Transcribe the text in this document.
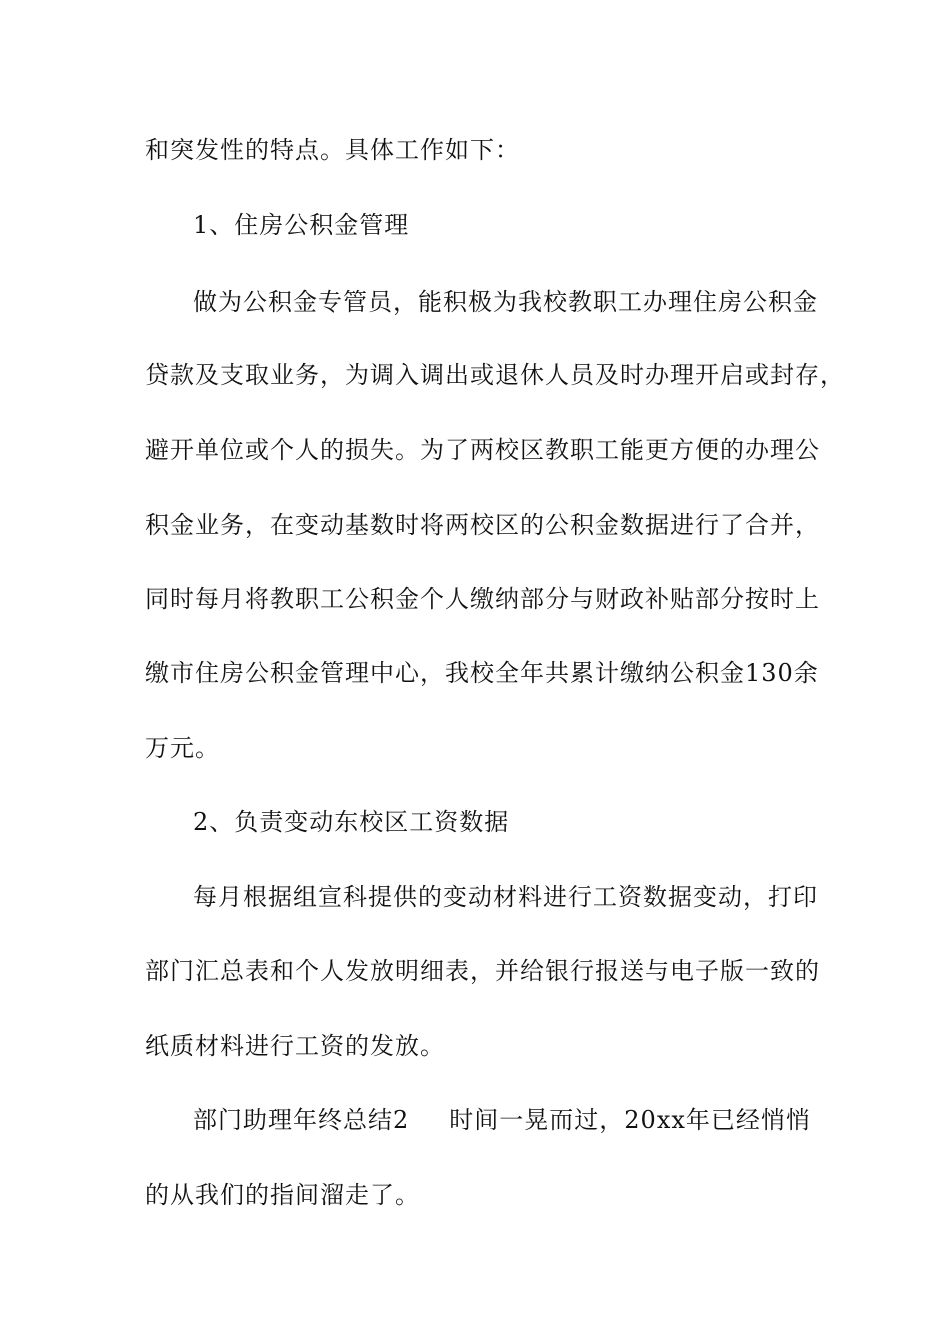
和突发性的特点。具体工作如下：
1、住房公积金管理
做为公积金专管员，能积极为我校教职工办理住房公积金
贷款及支取业务，为调入调出或退休人员及时办理开启或封存，
避开单位或个人的损失。为了两校区教职工能更方便的办理公
积金业务，在变动基数时将两校区的公积金数据进行了合并，
同时每月将教职工公积金个人缴纳部分与财政补贴部分按时上
缴市住房公积金管理中心，我校全年共累计缴纳公积金130余
万元。
2、负责变动东校区工资数据
每月根据组宣科提供的变动材料进行工资数据变动，打印
部门汇总表和个人发放明细表，并给银行报送与电子版一致的
纸质材料进行工资的发放。
部门助理年终总结2 时间一晃而过，20xx年已经悄悄
的从我们的指间溜走了。
